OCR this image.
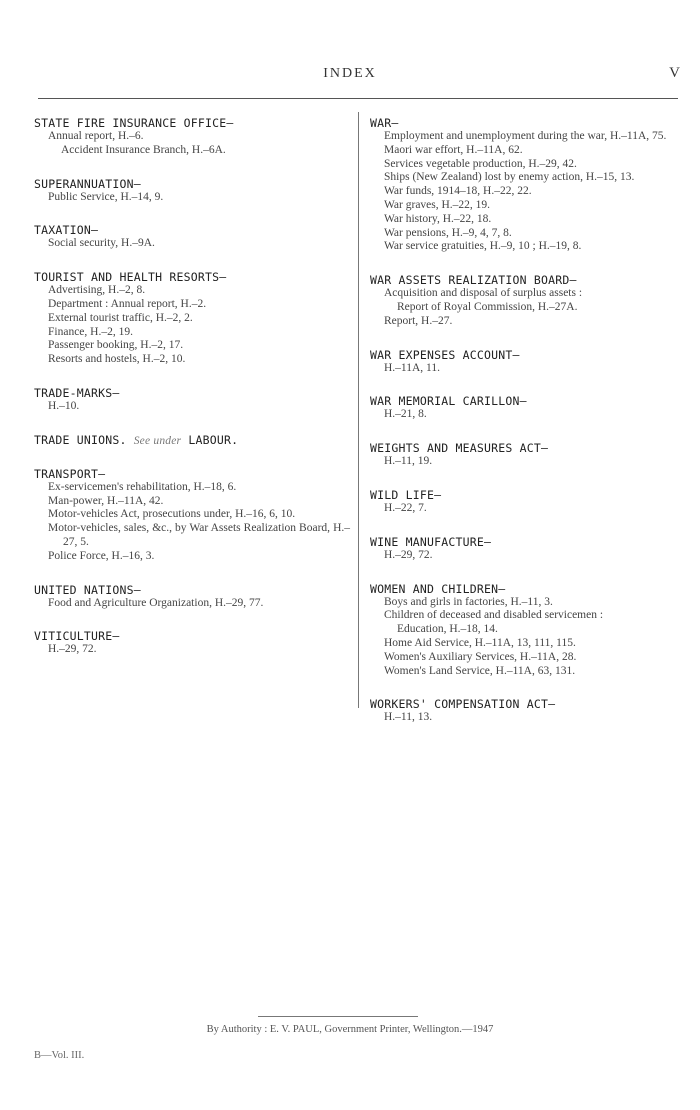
INDEX	V
STATE FIRE INSURANCE OFFICE—
Annual report, H.–6.
Accident Insurance Branch, H.–6A.
SUPERANNUATION—
Public Service, H.–14, 9.
TAXATION—
Social security, H.–9A.
TOURIST AND HEALTH RESORTS—
Advertising, H.–2, 8.
Department : Annual report, H.–2.
External tourist traffic, H.–2, 2.
Finance, H.–2, 19.
Passenger booking, H.–2, 17.
Resorts and hostels, H.–2, 10.
TRADE-MARKS—
H.–10.
TRADE UNIONS. See under LABOUR.
TRANSPORT—
Ex-servicemen's rehabilitation, H.–18, 6.
Man-power, H.–11A, 42.
Motor-vehicles Act, prosecutions under, H.–16, 6, 10.
Motor-vehicles, sales, &c., by War Assets Realization Board, H.–27, 5.
Police Force, H.–16, 3.
UNITED NATIONS—
Food and Agriculture Organization, H.–29, 77.
VITICULTURE—
H.–29, 72.
WAR—
Employment and unemployment during the war, H.–11A, 75.
Maori war effort, H.–11A, 62.
Services vegetable production, H.–29, 42.
Ships (New Zealand) lost by enemy action, H.–15, 13.
War funds, 1914–18, H.–22, 22.
War graves, H.–22, 19.
War history, H.–22, 18.
War pensions, H.–9, 4, 7, 8.
War service gratuities, H.–9, 10 ; H.–19, 8.
WAR ASSETS REALIZATION BOARD—
Acquisition and disposal of surplus assets :
Report of Royal Commission, H.–27A.
Report, H.–27.
WAR EXPENSES ACCOUNT—
H.–11A, 11.
WAR MEMORIAL CARILLON—
H.–21, 8.
WEIGHTS AND MEASURES ACT—
H.–11, 19.
WILD LIFE—
H.–22, 7.
WINE MANUFACTURE—
H.–29, 72.
WOMEN AND CHILDREN—
Boys and girls in factories, H.–11, 3.
Children of deceased and disabled servicemen :
Education, H.–18, 14.
Home Aid Service, H.–11A, 13, 111, 115.
Women's Auxiliary Services, H.–11A, 28.
Women's Land Service, H.–11A, 63, 131.
WORKERS' COMPENSATION ACT—
H.–11, 13.
By Authority : E. V. PAUL, Government Printer, Wellington.—1947
B—Vol. III.
